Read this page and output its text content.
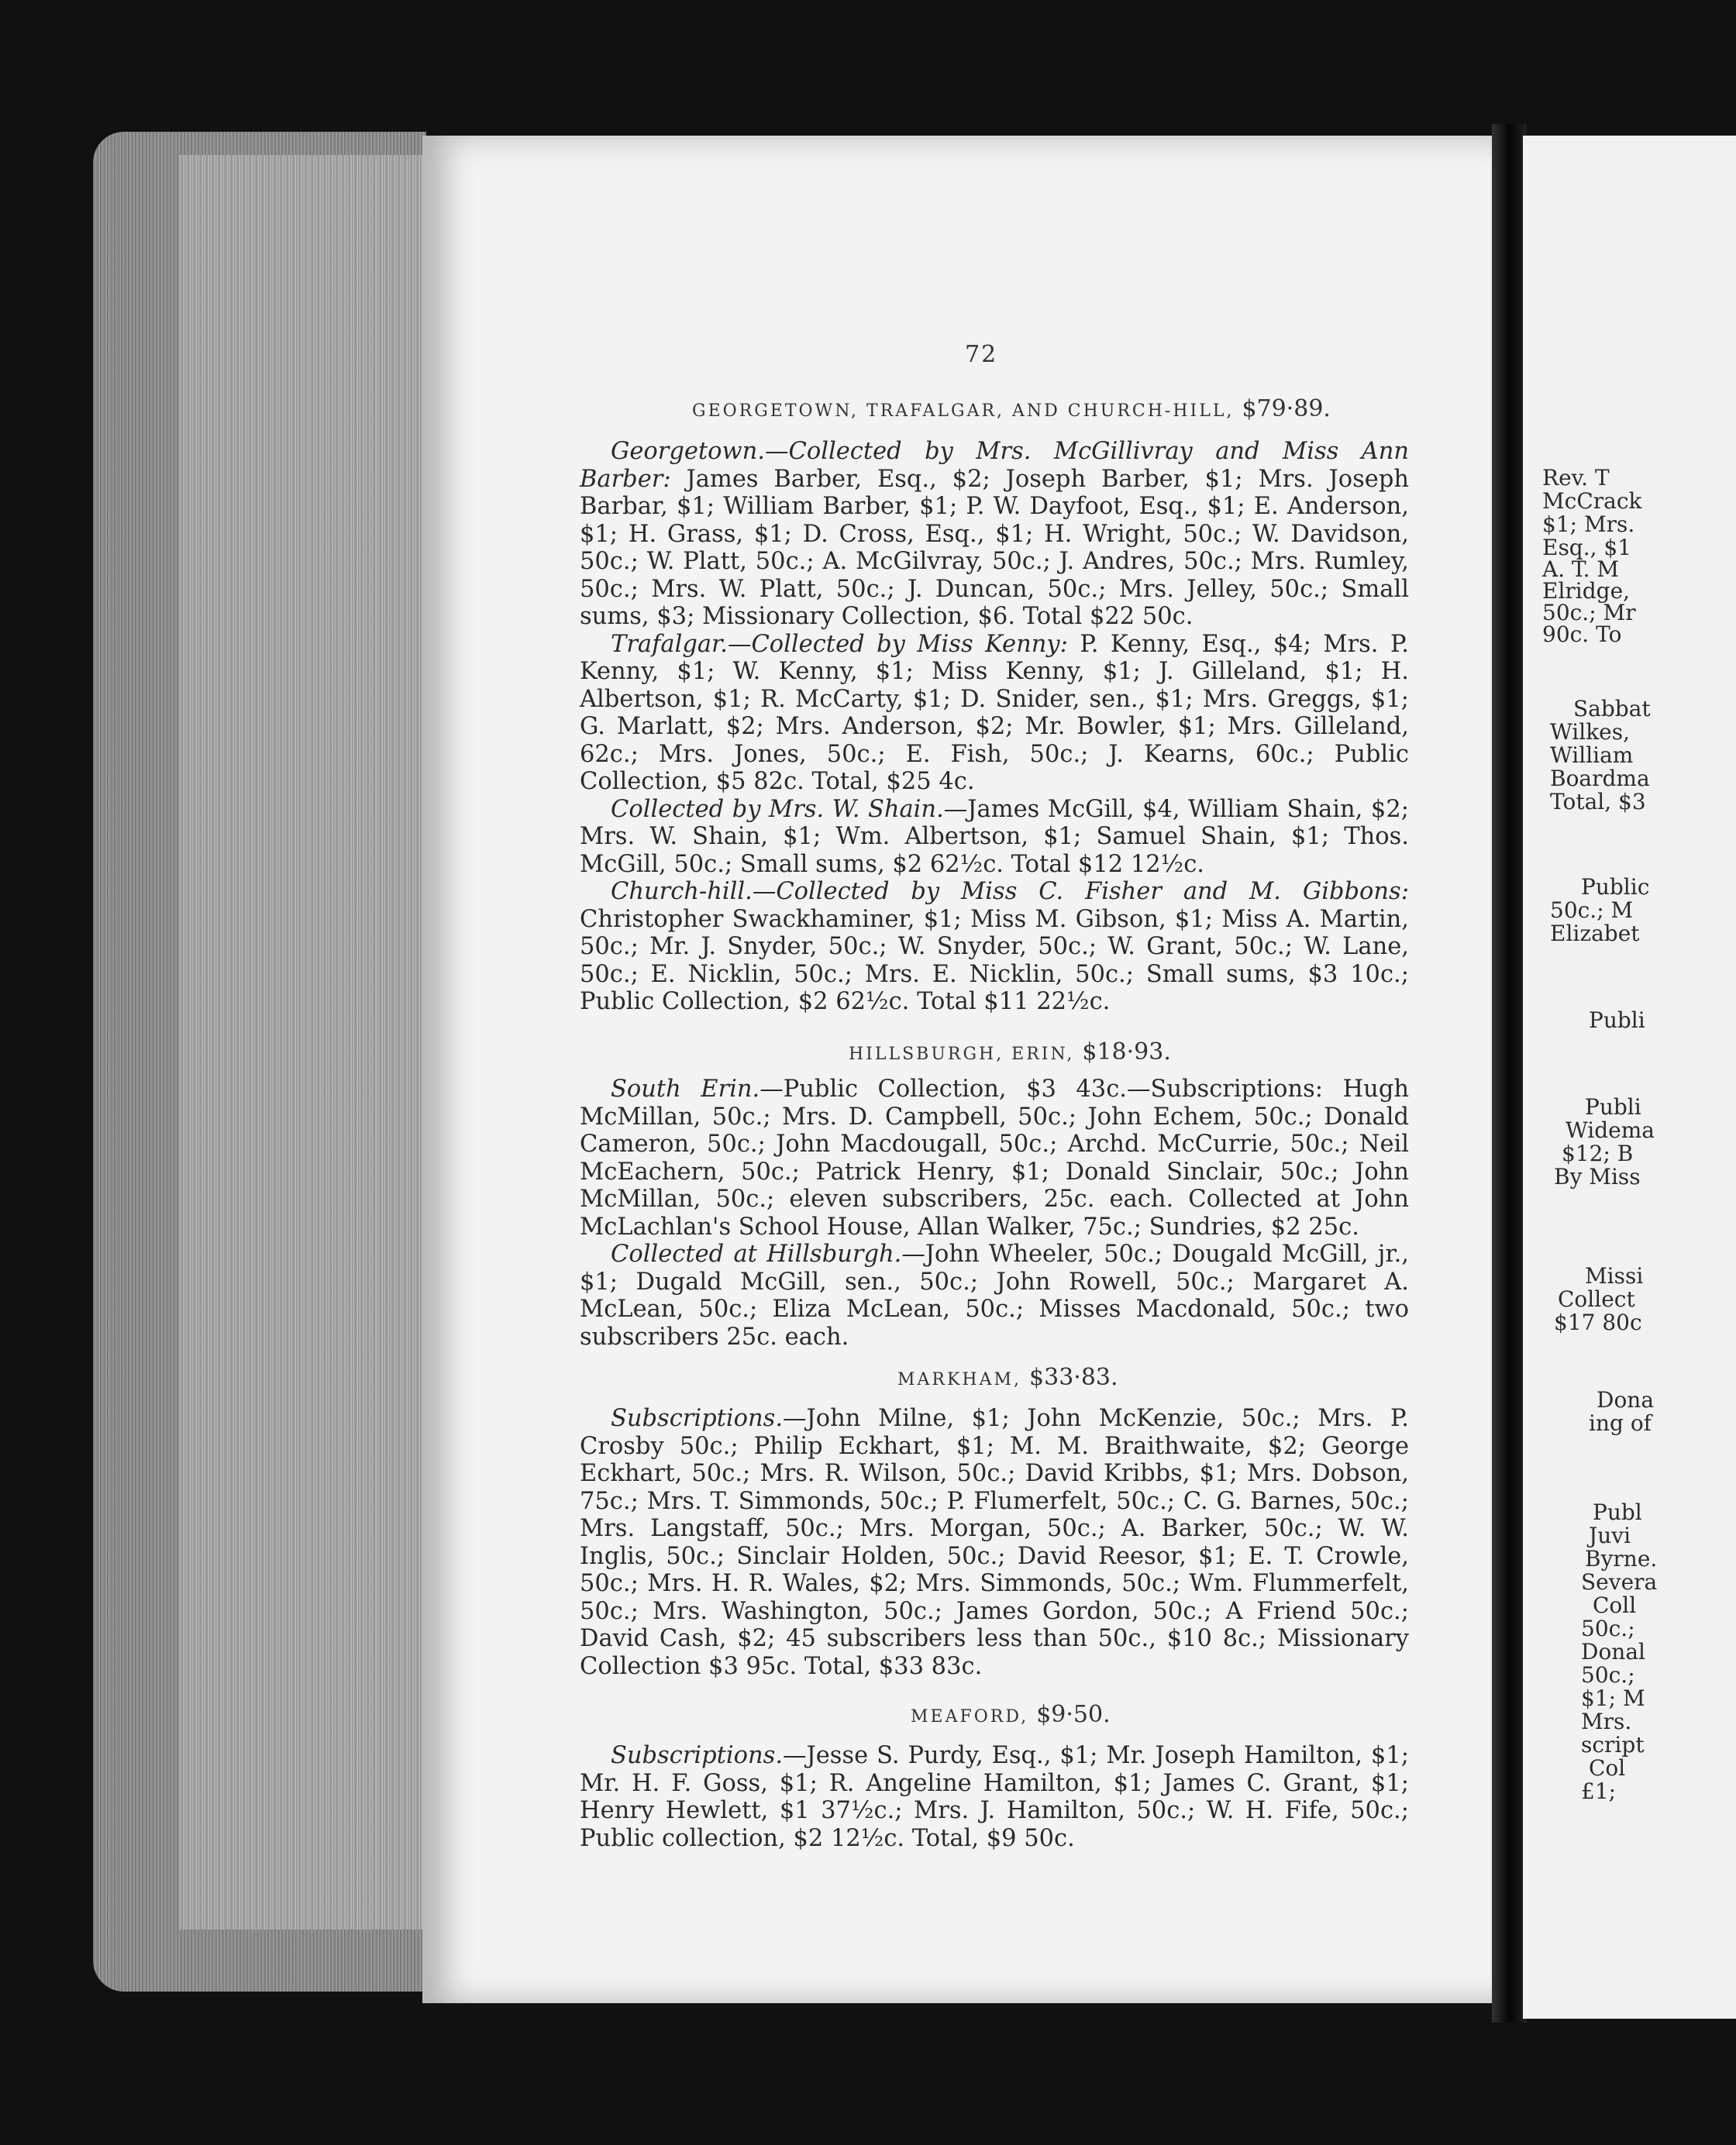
Rev. T
McCrack
$1; Mrs.
Esq., $1
A. T. M
Elridge,
50c.; Mr
90c. To
Sabbat
Wilkes,
William
Boardma
Total, $3
Public
50c.; M
Elizabet
Publi
Publi
Widema
$12; B
By Miss
Missi
Collect
$17 80c
Dona
ing of
Publ
Juvi
Byrne.
Severa
Coll
50c.;
Donal
50c.;
$1; M
Mrs.
script
Col
£1;
72
GEORGETOWN, TRAFALGAR, AND CHURCH-HILL, $79·89.

Georgetown.—Collected by Mrs. McGillivray and Miss Ann Barber: James Barber, Esq., $2; Joseph Barber, $1; Mrs. Joseph Barbar, $1; William Barber, $1; P. W. Dayfoot, Esq., $1; E. Anderson, $1; H. Grass, $1; D. Cross, Esq., $1; H. Wright, 50c.; W. Davidson, 50c.; W. Platt, 50c.; A. McGilvray, 50c.; J. Andres, 50c.; Mrs. Rumley, 50c.; Mrs. W. Platt, 50c.; J. Duncan, 50c.; Mrs. Jelley, 50c.; Small sums, $3; Missionary Collection, $6. Total $22 50c.

Trafalgar.—Collected by Miss Kenny: P. Kenny, Esq., $4; Mrs. P. Kenny, $1; W. Kenny, $1; Miss Kenny, $1; J. Gilleland, $1; H. Albertson, $1; R. McCarty, $1; D. Snider, sen., $1; Mrs. Greggs, $1; G. Marlatt, $2; Mrs. Anderson, $2; Mr. Bowler, $1; Mrs. Gilleland, 62c.; Mrs. Jones, 50c.; E. Fish, 50c.; J. Kearns, 60c.; Public Collection, $5 82c. Total, $25 4c.

Collected by Mrs. W. Shain.—James McGill, $4, William Shain, $2; Mrs. W. Shain, $1; Wm. Albertson, $1; Samuel Shain, $1; Thos. McGill, 50c.; Small sums, $2 62½c. Total $12 12½c.

Church-hill.—Collected by Miss C. Fisher and M. Gibbons: Christopher Swackhaminer, $1; Miss M. Gibson, $1; Miss A. Martin, 50c.; Mr. J. Snyder, 50c.; W. Snyder, 50c.; W. Grant, 50c.; W. Lane, 50c.; E. Nicklin, 50c.; Mrs. E. Nicklin, 50c.; Small sums, $3 10c.; Public Collection, $2 62½c. Total $11 22½c.

HILLSBURGH, ERIN, $18·93.

South Erin.—Public Collection, $3 43c.—Subscriptions: Hugh McMillan, 50c.; Mrs. D. Campbell, 50c.; John Echem, 50c.; Donald Cameron, 50c.; John Macdougall, 50c.; Archd. McCurrie, 50c.; Neil McEachern, 50c.; Patrick Henry, $1; Donald Sinclair, 50c.; John McMillan, 50c.; eleven subscribers, 25c. each. Collected at John McLachlan's School House, Allan Walker, 75c.; Sundries, $2 25c.

Collected at Hillsburgh.—John Wheeler, 50c.; Dougald McGill, jr., $1; Dugald McGill, sen., 50c.; John Rowell, 50c.; Margaret A. McLean, 50c.; Eliza McLean, 50c.; Misses Macdonald, 50c.; two subscribers 25c. each.

MARKHAM, $33·83.

Subscriptions.—John Milne, $1; John McKenzie, 50c.; Mrs. P. Crosby 50c.; Philip Eckhart, $1; M. M. Braithwaite, $2; George Eckhart, 50c.; Mrs. R. Wilson, 50c.; David Kribbs, $1; Mrs. Dobson, 75c.; Mrs. T. Simmonds, 50c.; P. Flumerfelt, 50c.; C. G. Barnes, 50c.; Mrs. Langstaff, 50c.; Mrs. Morgan, 50c.; A. Barker, 50c.; W. W. Inglis, 50c.; Sinclair Holden, 50c.; David Reesor, $1; E. T. Crowle, 50c.; Mrs. H. R. Wales, $2; Mrs. Simmonds, 50c.; Wm. Flummerfelt, 50c.; Mrs. Washington, 50c.; James Gordon, 50c.; A Friend 50c.; David Cash, $2; 45 subscribers less than 50c., $10 8c.; Missionary Collection $3 95c. Total, $33 83c.

MEAFORD, $9·50.

Subscriptions.—Jesse S. Purdy, Esq., $1; Mr. Joseph Hamilton, $1; Mr. H. F. Goss, $1; R. Angeline Hamilton, $1; James C. Grant, $1; Henry Hewlett, $1 37½c.; Mrs. J. Hamilton, 50c.; W. H. Fife, 50c.; Public collection, $2 12½c. Total, $9 50c.
